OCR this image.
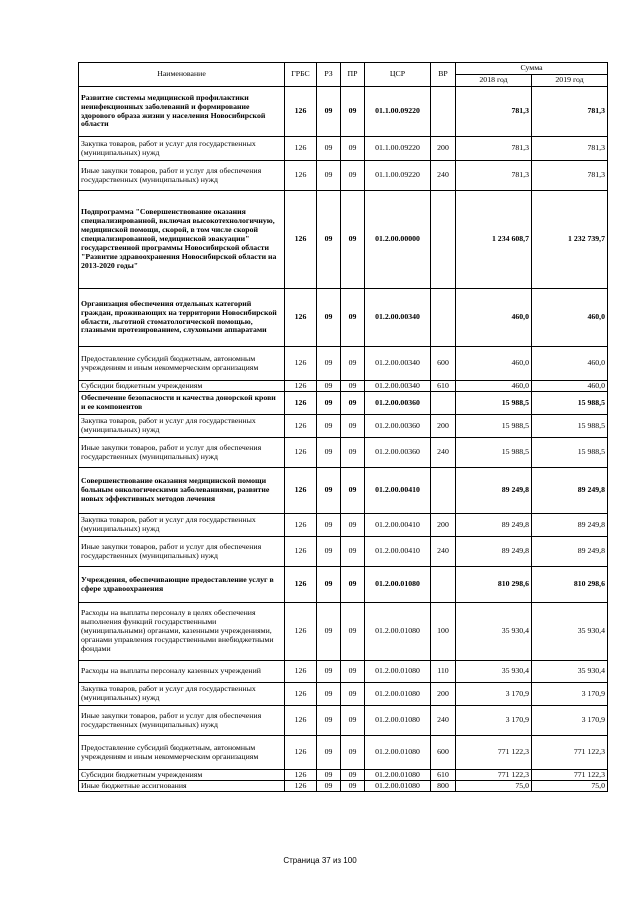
Наименование	ГРБС	РЗ	ПР	ЦСР	ВР	Сумма	
						2018 год	2019 год
Развитие системы медицинской профилактики неинфекционных заболеваний и формирование здорового образа жизни у населения Новосибирской области	126	09	09	01.1.00.09220		781,3	781,3
Закупка товаров, работ и услуг для государственных (муниципальных) нужд	126	09	09	01.1.00.09220	200	781,3	781,3
Иные закупки товаров, работ и услуг для обеспечения государственных (муниципальных) нужд	126	09	09	01.1.00.09220	240	781,3	781,3
Подпрограмма "Совершенствование оказания специализированной, включая высокотехнологичную, медицинской помощи, скорой, в том числе скорой специализированной, медицинской эвакуации" государственной программы Новосибирской области "Развитие здравоохранения Новосибирской области на 2013-2020 годы"	126	09	09	01.2.00.00000		1 234 608,7	1 232 739,7
Организация обеспечения отдельных категорий граждан, проживающих на территории Новосибирской области, льготной стоматологической помощью, глазными протезированием, слуховыми аппаратами	126	09	09	01.2.00.00340		460,0	460,0
Предоставление субсидий бюджетным, автономным учреждениям и иным некоммерческим организациям	126	09	09	01.2.00.00340	600	460,0	460,0
Субсидии бюджетным учреждениям	126	09	09	01.2.00.00340	610	460,0	460,0
Обеспечение безопасности и качества донорской крови и ее компонентов	126	09	09	01.2.00.00360		15 988,5	15 988,5
Закупка товаров, работ и услуг для государственных (муниципальных) нужд	126	09	09	01.2.00.00360	200	15 988,5	15 988,5
Иные закупки товаров, работ и услуг для обеспечения государственных (муниципальных) нужд	126	09	09	01.2.00.00360	240	15 988,5	15 988,5
Совершенствование оказания медицинской помощи больным онкологическими заболеваниями, развитие новых эффективных методов лечения	126	09	09	01.2.00.00410		89 249,8	89 249,8
Закупка товаров, работ и услуг для государственных (муниципальных) нужд	126	09	09	01.2.00.00410	200	89 249,8	89 249,8
Иные закупки товаров, работ и услуг для обеспечения государственных (муниципальных) нужд	126	09	09	01.2.00.00410	240	89 249,8	89 249,8
Учреждения, обеспечивающие предоставление услуг в сфере здравоохранения	126	09	09	01.2.00.01080		810 298,6	810 298,6
Расходы на выплаты персоналу в целях обеспечения выполнения функций государственными (муниципальными) органами, казенными учреждениями, органами управления государственными внебюджетными фондами	126	09	09	01.2.00.01080	100	35 930,4	35 930,4
Расходы на выплаты персоналу казенных учреждений	126	09	09	01.2.00.01080	110	35 930,4	35 930,4
Закупка товаров, работ и услуг для государственных (муниципальных) нужд	126	09	09	01.2.00.01080	200	3 170,9	3 170,9
Иные закупки товаров, работ и услуг для обеспечения государственных (муниципальных) нужд	126	09	09	01.2.00.01080	240	3 170,9	3 170,9
Предоставление субсидий бюджетным, автономным учреждениям и иным некоммерческим организациям	126	09	09	01.2.00.01080	600	771 122,3	771 122,3
Субсидии бюджетным учреждениям	126	09	09	01.2.00.01080	610	771 122,3	771 122,3
Иные бюджетные ассигнования	126	09	09	01.2.00.01080	800	75,0	75,0
Страница 37 из 100
